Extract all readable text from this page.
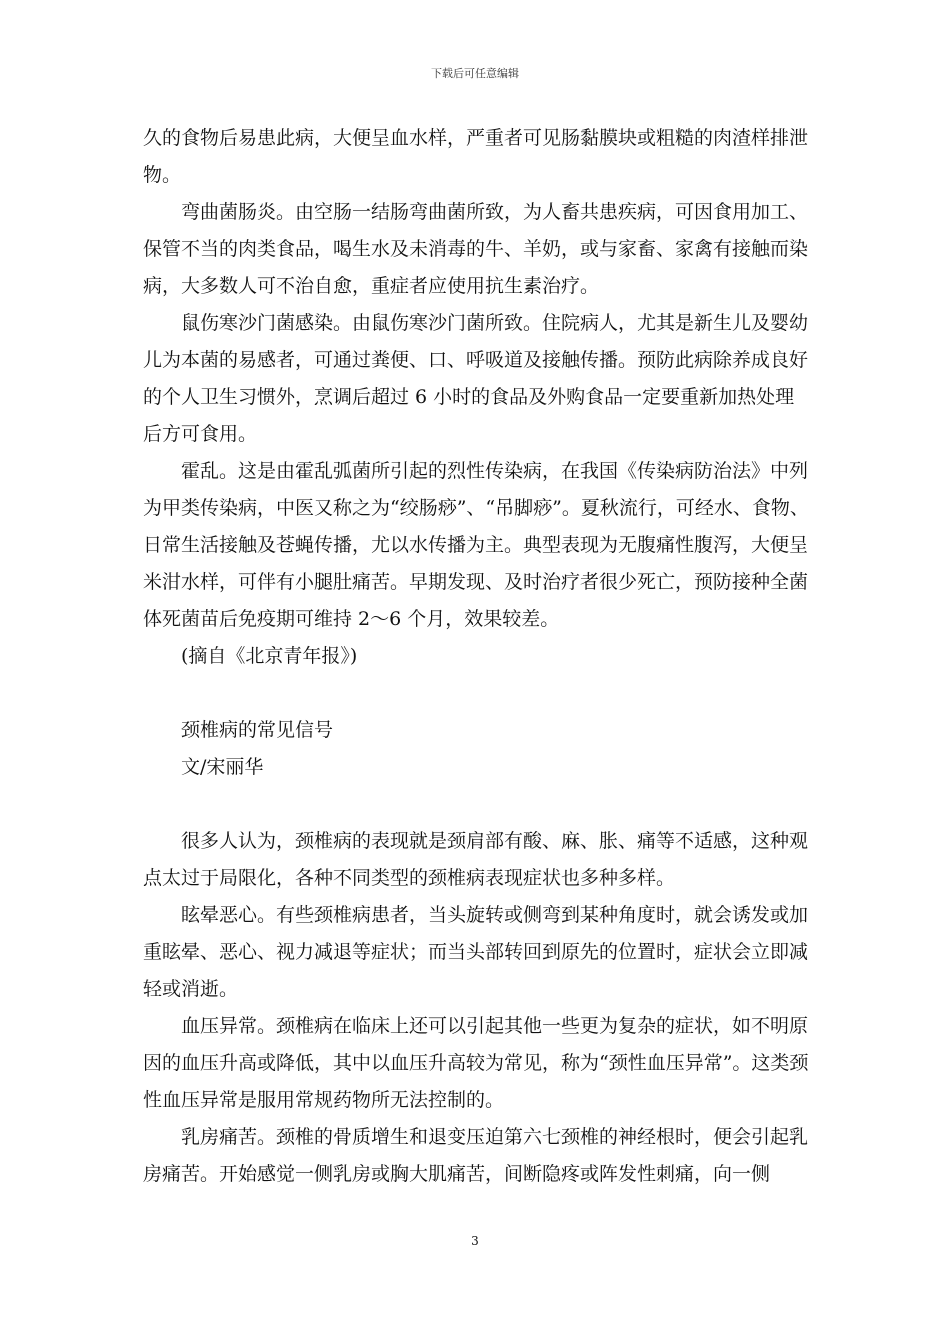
下载后可任意编辑

久的食物后易患此病，大便呈血水样，严重者可见肠黏膜块或粗糙的肉渣样排泄物。

弯曲菌肠炎。由空肠一结肠弯曲菌所致，为人畜共患疾病，可因食用加工、保管不当的肉类食品，喝生水及未消毒的牛、羊奶，或与家畜、家禽有接触而染病，大多数人可不治自愈，重症者应使用抗生素治疗。

鼠伤寒沙门菌感染。由鼠伤寒沙门菌所致。住院病人，尤其是新生儿及婴幼儿为本菌的易感者，可通过粪便、口、呼吸道及接触传播。预防此病除养成良好的个人卫生习惯外，烹调后超过 6 小时的食品及外购食品一定要重新加热处理后方可食用。

霍乱。这是由霍乱弧菌所引起的烈性传染病，在我国《传染病防治法》中列为甲类传染病，中医又称之为“绞肠痧”、“吊脚痧”。夏秋流行，可经水、食物、日常生活接触及苍蝇传播，尤以水传播为主。典型表现为无腹痛性腹泻，大便呈米泔水样，可伴有小腿肚痛苦。早期发现、及时治疗者很少死亡，预防接种全菌体死菌苗后免疫期可维持 2～6 个月，效果较差。

(摘自《北京青年报》)

颈椎病的常见信号

文/宋丽华

很多人认为，颈椎病的表现就是颈肩部有酸、麻、胀、痛等不适感，这种观点太过于局限化，各种不同类型的颈椎病表现症状也多种多样。

眩晕恶心。有些颈椎病患者，当头旋转或侧弯到某种角度时，就会诱发或加重眩晕、恶心、视力减退等症状；而当头部转回到原先的位置时，症状会立即减轻或消逝。

血压异常。颈椎病在临床上还可以引起其他一些更为复杂的症状，如不明原因的血压升高或降低，其中以血压升高较为常见，称为“颈性血压异常”。这类颈性血压异常是服用常规药物所无法控制的。

乳房痛苦。颈椎的骨质增生和退变压迫第六七颈椎的神经根时，便会引起乳房痛苦。开始感觉一侧乳房或胸大肌痛苦，间断隐疼或阵发性刺痛，向一侧

3
